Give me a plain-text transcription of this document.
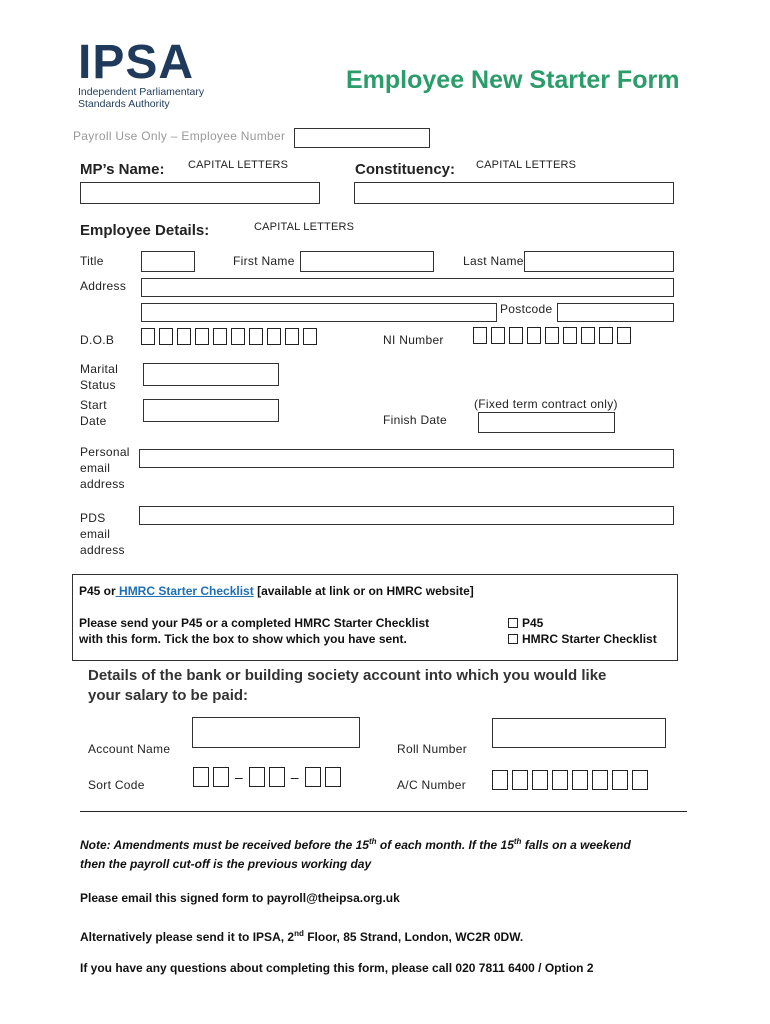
IPSA
Independent Parliamentary
Standards Authority
Employee New Starter Form
Payroll Use Only – Employee Number
MP’s Name: CAPITAL LETTERS	Constituency: CAPITAL LETTERS
Employee Details:	CAPITAL LETTERS
Title	First Name	Last Name
Address
Postcode
D.O.B	NI Number
Marital
Status
Start
Date
(Fixed term contract only)
Finish Date
Personal
email
address
PDS
email
address
P45 or HMRC Starter Checklist [available at link or on HMRC website]
Please send your P45 or a completed HMRC Starter Checklist
with this form. Tick the box to show which you have sent.
P45
HMRC Starter Checklist
Details of the bank or building society account into which you would like
your salary to be paid:
Account Name	Roll Number
Sort Code	–	–	A/C Number
Note: Amendments must be received before the 15th of each month. If the 15th falls on a weekend
then the payroll cut-off is the previous working day
Please email this signed form to payroll@theipsa.org.uk
Alternatively please send it to IPSA, 2nd Floor, 85 Strand, London, WC2R 0DW.
If you have any questions about completing this form, please call 020 7811 6400 / Option 2
